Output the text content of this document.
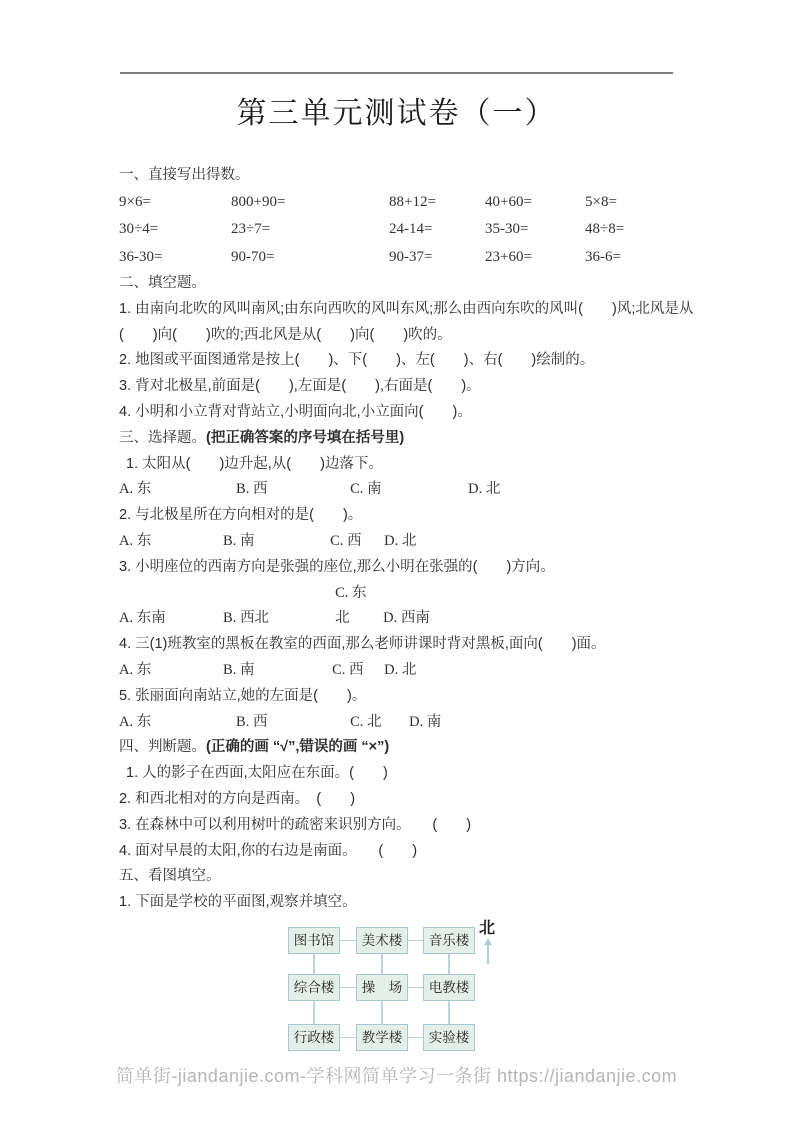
第三单元测试卷（一）

一、直接写出得数。

9×6=	800+90=	88+12=	40+60=	5×8=
30÷4=	23÷7=	24-14=	35-30=	48÷8=
36-30=	90-70=	90-37=	23+60=	36-6=

二、填空题。

1. 由南向北吹的风叫南风;由东向西吹的风叫东风;那么由西向东吹的风叫(　　)风;北风是从(　　)向(　　)吹的;西北风是从(　　)向(　　)吹的。

2. 地图或平面图通常是按上(　　)、下(　　)、左(　　)、右(　　)绘制的。

3. 背对北极星,前面是(　　),左面是(　　),右面是(　　)。

4. 小明和小立背对背站立,小明面向北,小立面向(　　)。

三、选择题。(把正确答案的序号填在括号里)

1. 太阳从(　　)边升起,从(　　)边落下。

A. 东	B. 西	C. 南	D. 北

2. 与北极星所在方向相对的是(　　)。

A. 东	B. 南	C. 西 D. 北

3. 小明座位的西南方向是张强的座位,那么小明在张强的(　　)方向。

A. 东南	B. 西北 C. 东北 D. 西南

4. 三(1)班教室的黑板在教室的西面,那么老师讲课时背对黑板,面向(　　)面。

A. 东	B. 南	C. 西 D. 北

5. 张丽面向南站立,她的左面是(　　)。

A. 东	B. 西	C. 北 D. 南

四、判断题。(正确的画 “√”,错误的画 “×”)

1. 人的影子在西面,太阳应在东面。(　　)

2. 和西北相对的方向是西南。　(　　)

3. 在森林中可以利用树叶的疏密来识别方向。　　(　　)

4. 面对早晨的太阳,你的右边是南面。　　(　　)

五、看图填空。

1. 下面是学校的平面图,观察并填空。

图书馆	美术楼	音乐楼
综合楼	操　场	电教楼
行政楼	教学楼	实验楼
北
简单街-jiandanjie.com-学科网简单学习一条街 https://jiandanjie.com
